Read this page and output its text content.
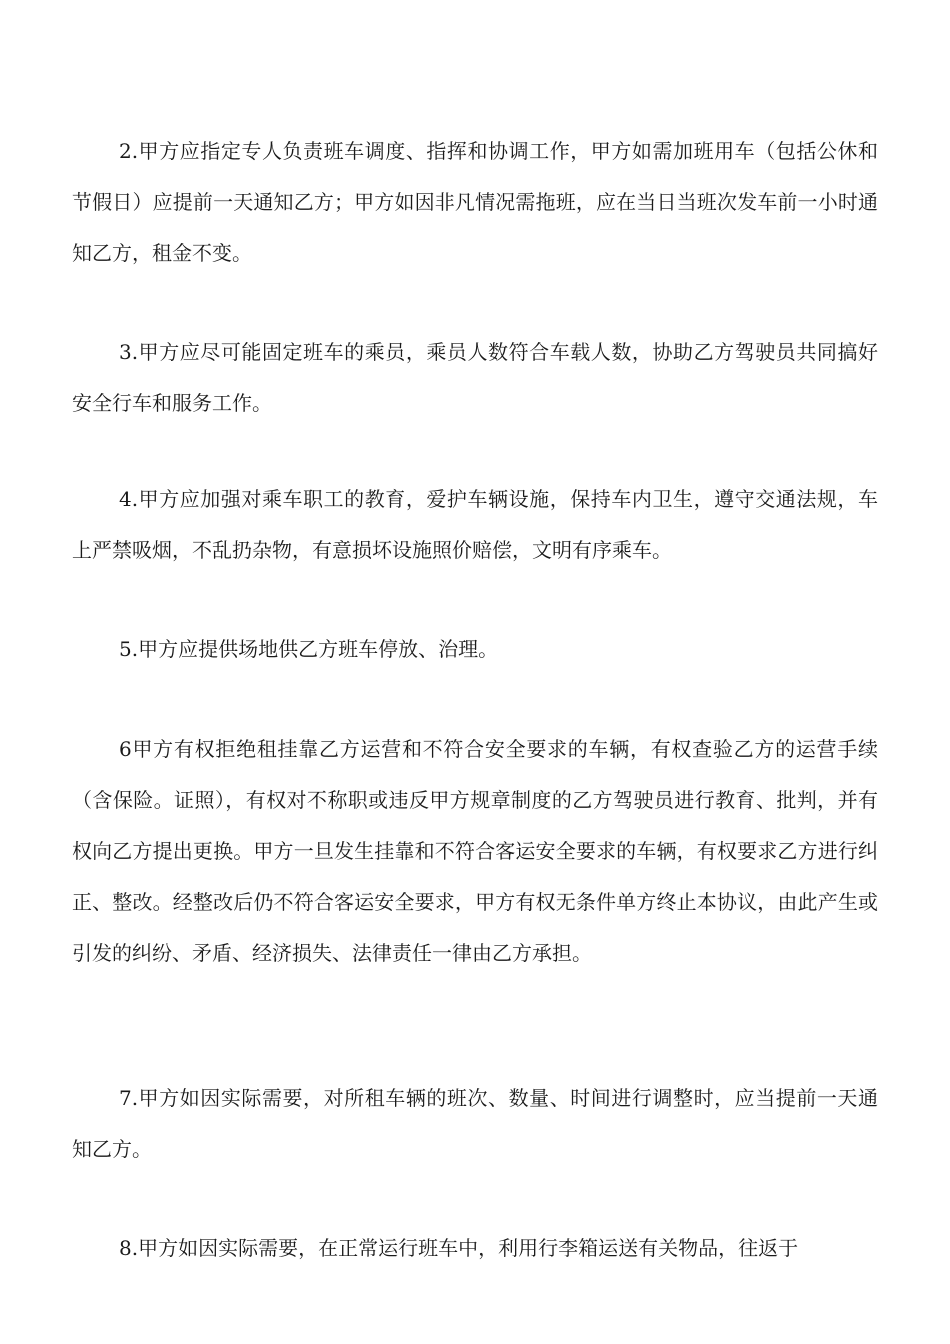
2.甲方应指定专人负责班车调度、指挥和协调工作，甲方如需加班用车（包括公休和节假日）应提前一天通知乙方；甲方如因非凡情况需拖班，应在当日当班次发车前一小时通知乙方，租金不变。

3.甲方应尽可能固定班车的乘员，乘员人数符合车载人数，协助乙方驾驶员共同搞好安全行车和服务工作。

4.甲方应加强对乘车职工的教育，爱护车辆设施，保持车内卫生，遵守交通法规，车上严禁吸烟，不乱扔杂物，有意损坏设施照价赔偿，文明有序乘车。

5.甲方应提供场地供乙方班车停放、治理。

6甲方有权拒绝租挂靠乙方运营和不符合安全要求的车辆，有权查验乙方的运营手续（含保险。证照），有权对不称职或违反甲方规章制度的乙方驾驶员进行教育、批判，并有权向乙方提出更换。甲方一旦发生挂靠和不符合客运安全要求的车辆，有权要求乙方进行纠正、整改。经整改后仍不符合客运安全要求，甲方有权无条件单方终止本协议，由此产生或引发的纠纷、矛盾、经济损失、法律责任一律由乙方承担。

7.甲方如因实际需要，对所租车辆的班次、数量、时间进行调整时，应当提前一天通知乙方。

8.甲方如因实际需要，在正常运行班车中，利用行李箱运送有关物品，往返于
